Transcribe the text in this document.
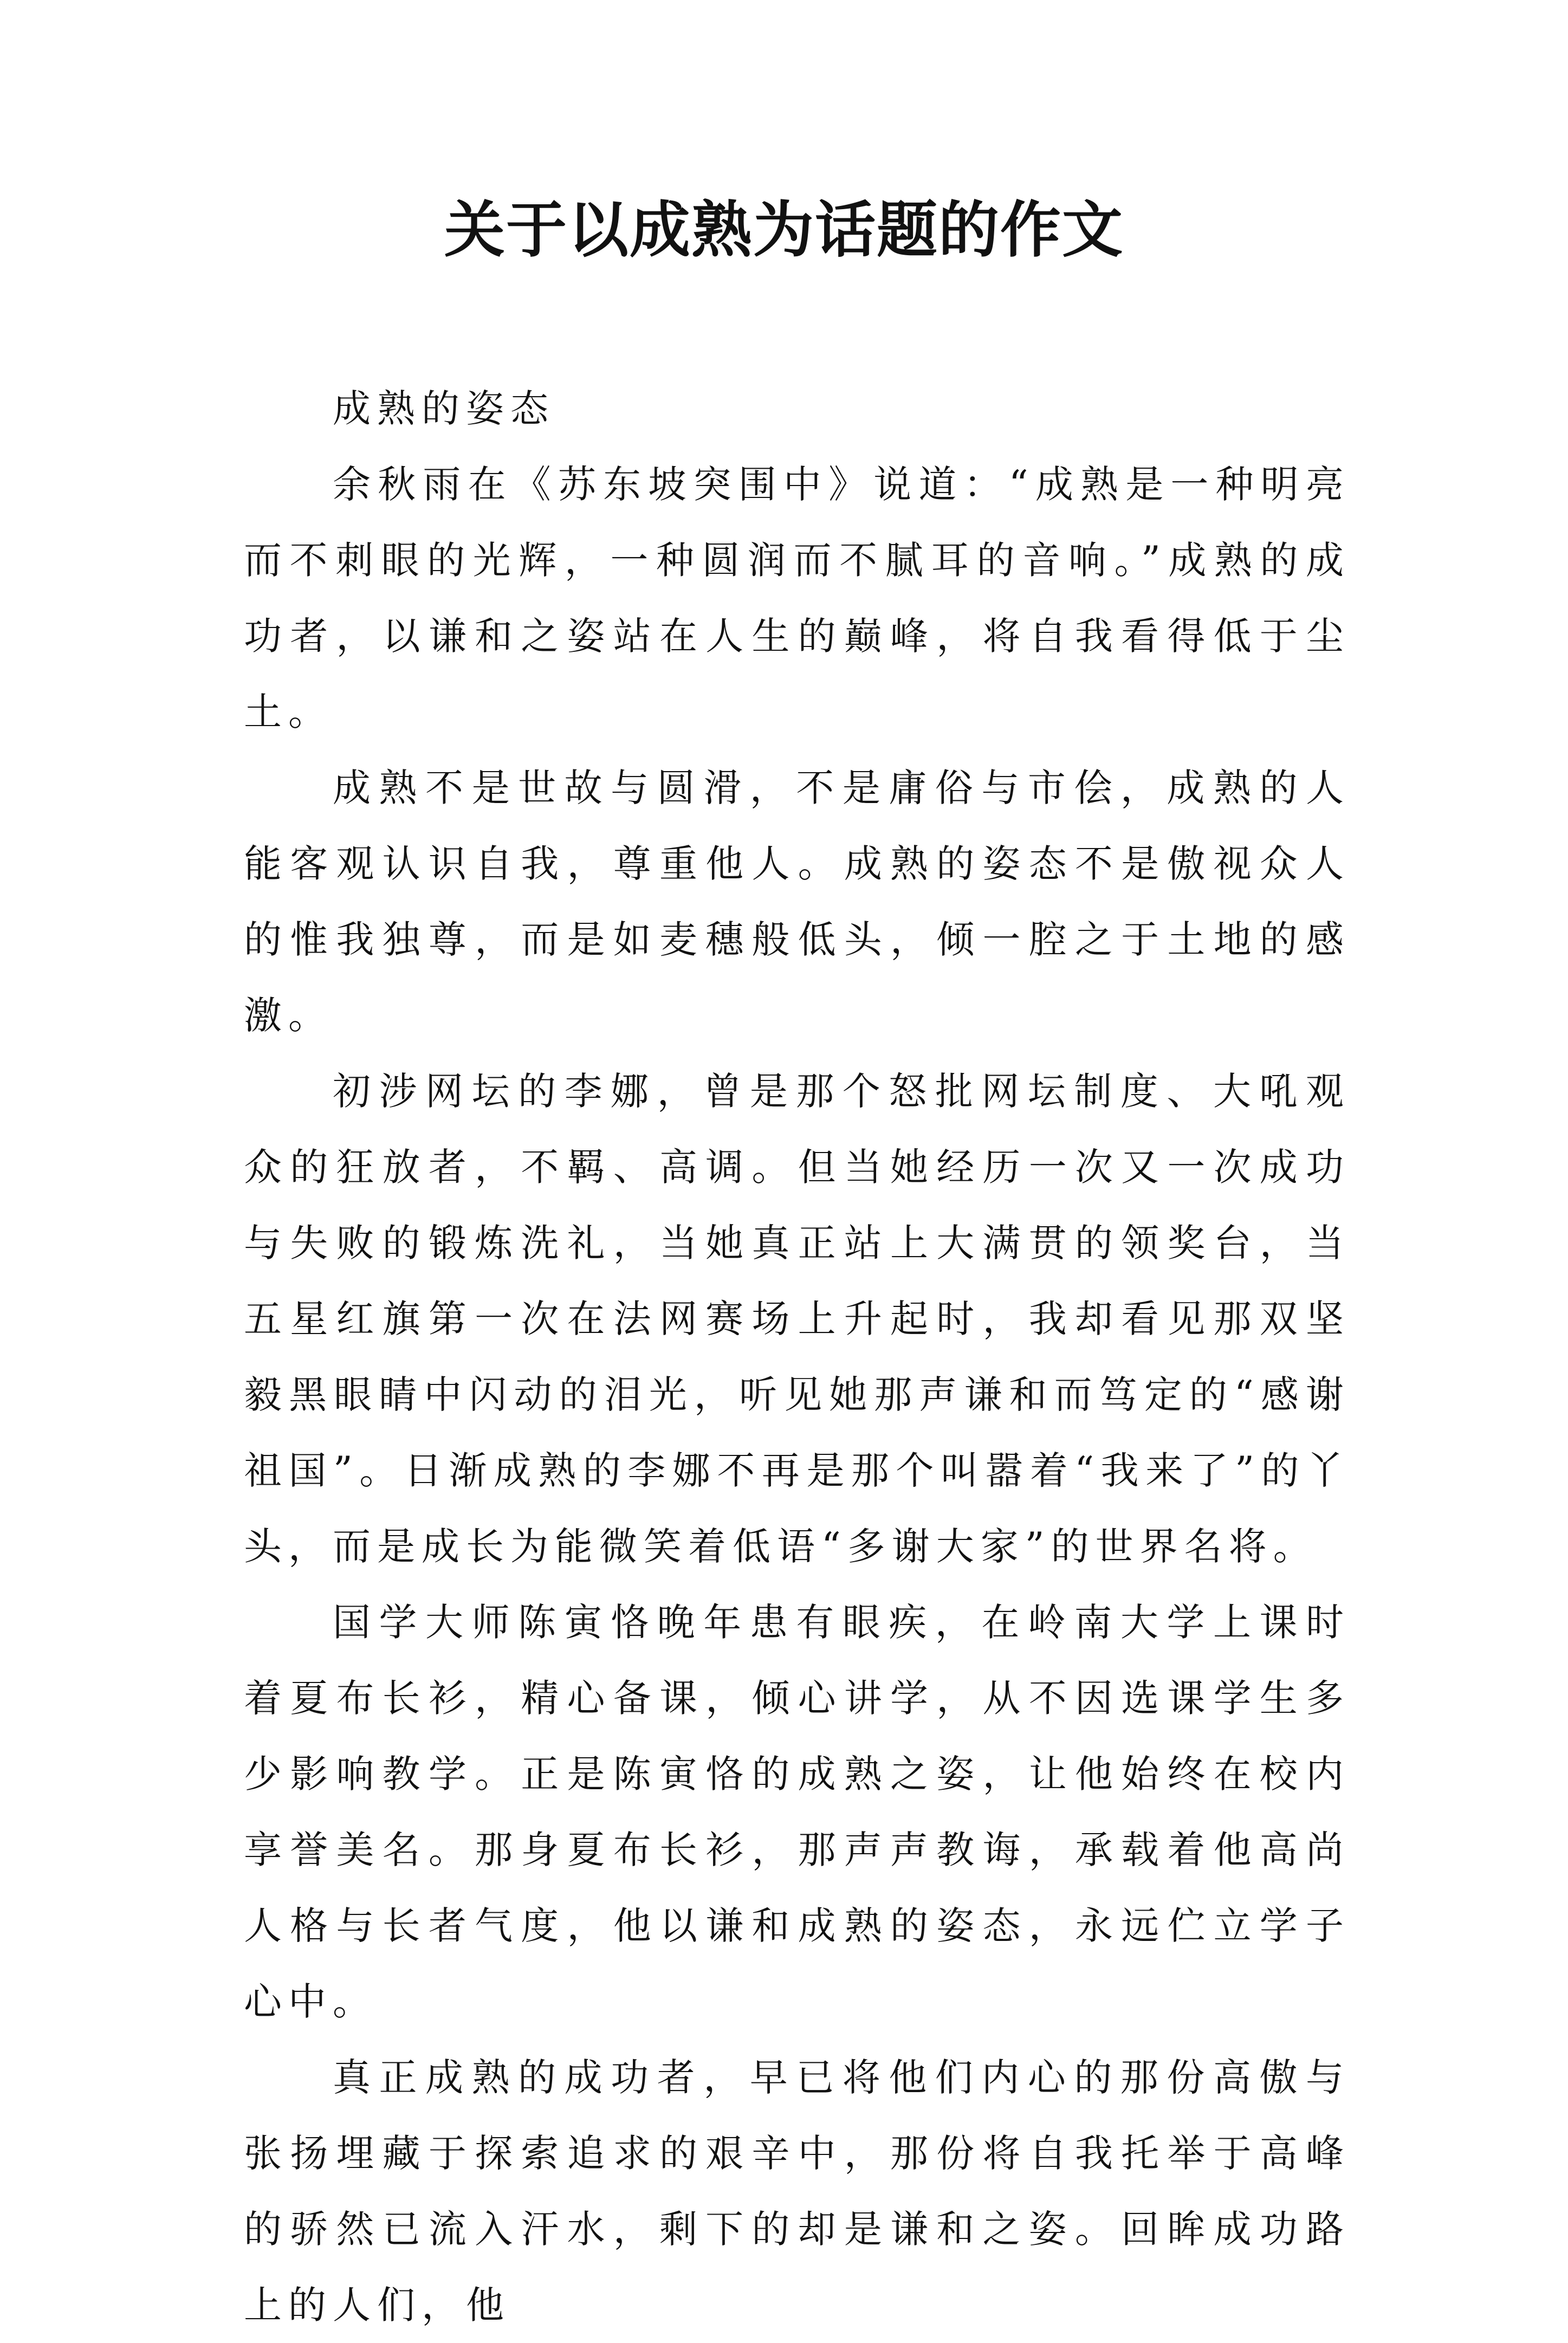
关于以成熟为话题的作文

成熟的姿态

余秋雨在《苏东坡突围中》说道：“成熟是一种明亮而不刺眼的光辉，一种圆润而不腻耳的音响。”成熟的成功者，以谦和之姿站在人生的巅峰，将自我看得低于尘土。

成熟不是世故与圆滑，不是庸俗与市侩，成熟的人能客观认识自我，尊重他人。成熟的姿态不是傲视众人的惟我独尊，而是如麦穗般低头，倾一腔之于土地的感激。

初涉网坛的李娜，曾是那个怒批网坛制度、大吼观众的狂放者，不羁、高调。但当她经历一次又一次成功与失败的锻炼洗礼，当她真正站上大满贯的领奖台，当五星红旗第一次在法网赛场上升起时，我却看见那双坚毅黑眼睛中闪动的泪光，听见她那声谦和而笃定的“感谢祖国”。日渐成熟的李娜不再是那个叫嚣着“我来了”的丫头，而是成长为能微笑着低语“多谢大家”的世界名将。

国学大师陈寅恪晚年患有眼疾，在岭南大学上课时着夏布长衫，精心备课，倾心讲学，从不因选课学生多少影响教学。正是陈寅恪的成熟之姿，让他始终在校内享誉美名。那身夏布长衫，那声声教诲，承载着他高尚人格与长者气度，他以谦和成熟的姿态，永远伫立学子心中。

真正成熟的成功者，早已将他们内心的那份高傲与张扬埋藏于探索追求的艰辛中，那份将自我托举于高峰的骄然已流入汗水，剩下的却是谦和之姿。回眸成功路上的人们，他
